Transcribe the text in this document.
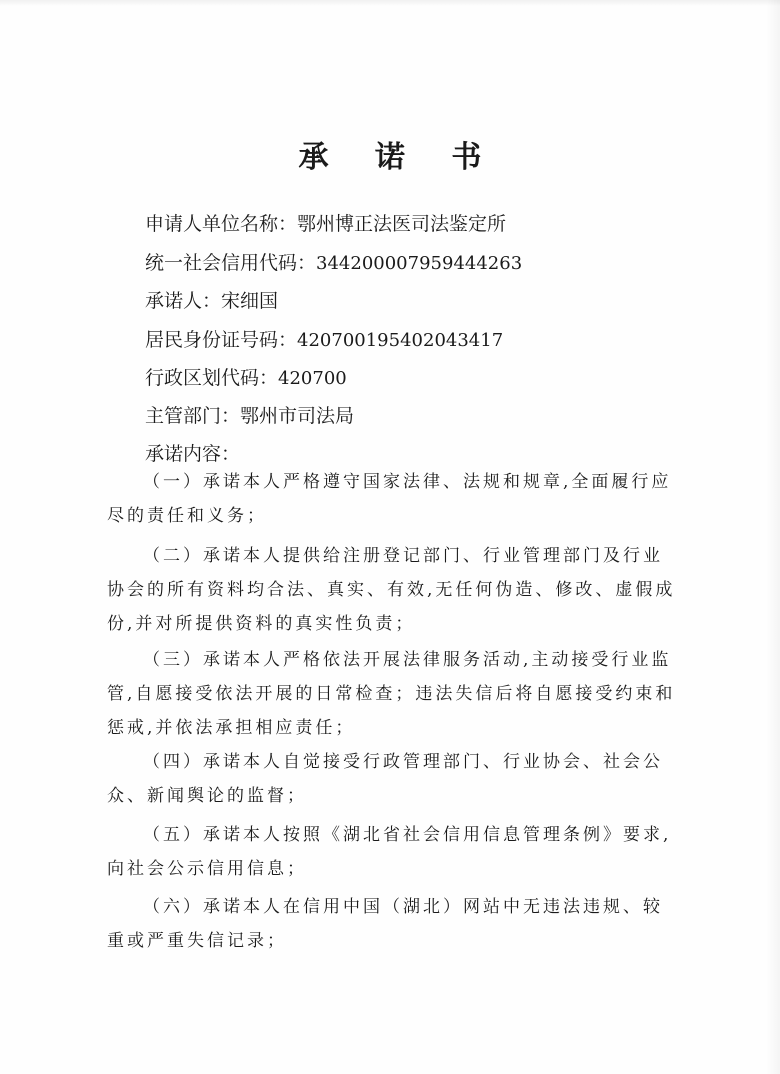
承 诺 书
申请人单位名称：鄂州博正法医司法鉴定所
统一社会信用代码：34420000795944426​3
承诺人：宋细国
居民身份证号码：420700195402043417
行政区划代码：420700
主管部门：鄂州市司法局
承诺内容：
（一）承诺本人严格遵守国家法律、法规和规章,全面履行应
尽的责任和义务；
（二）承诺本人提供给注册登记部门、行业管理部门及行业
协会的所有资料均合法、真实、有效,无任何伪造、修改、虚假成
份,并对所提供资料的真实性负责；
（三）承诺本人严格依法开展法律服务活动,主动接受行业监
管,自愿接受依法开展的日常检查；违法失信后将自愿接受约束和
惩戒,并依法承担相应责任；
（四）承诺本人自觉接受行政管理部门、行业协会、社会公
众、新闻舆论的监督；
（五）承诺本人按照《湖北省社会信用信息管理条例》要求,
向社会公示信用信息；
（六）承诺本人在信用中国（湖北）网站中无违法违规、较
重或严重失信记录；
